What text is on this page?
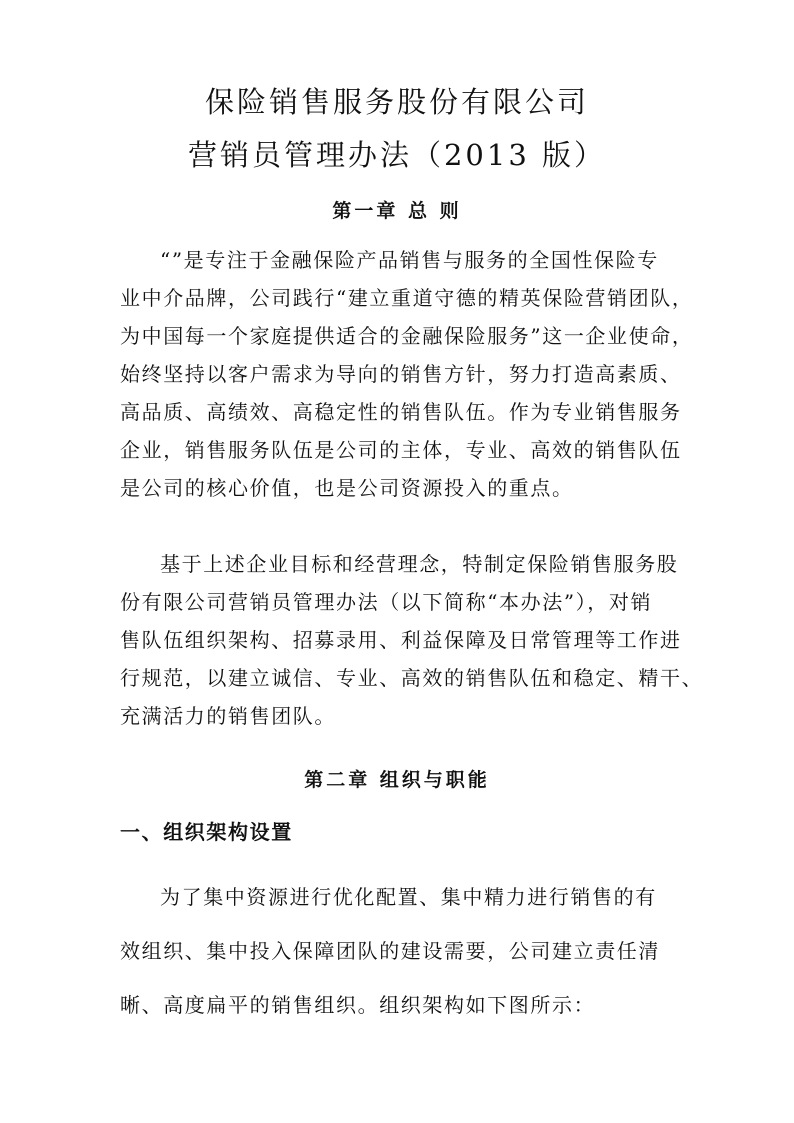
保险销售服务股份有限公司
营销员管理办法（2013 版）
第一章 总 则
“”是专注于金融保险产品销售与服务的全国性保险专
业中介品牌，公司践行“建立重道守德的精英保险营销团队，
为中国每一个家庭提供适合的金融保险服务”这一企业使命，
始终坚持以客户需求为导向的销售方针，努力打造高素质、
高品质、高绩效、高稳定性的销售队伍。作为专业销售服务
企业，销售服务队伍是公司的主体，专业、高效的销售队伍
是公司的核心价值，也是公司资源投入的重点。
基于上述企业目标和经营理念，特制定保险销售服务股
份有限公司营销员管理办法（以下简称“本办法”），对销
售队伍组织架构、招募录用、利益保障及日常管理等工作进
行规范，以建立诚信、专业、高效的销售队伍和稳定、精干、
充满活力的销售团队。
第二章 组织与职能
一、组织架构设置
为了集中资源进行优化配置、集中精力进行销售的有
效组织、集中投入保障团队的建设需要，公司建立责任清
晰、高度扁平的销售组织。组织架构如下图所示：
